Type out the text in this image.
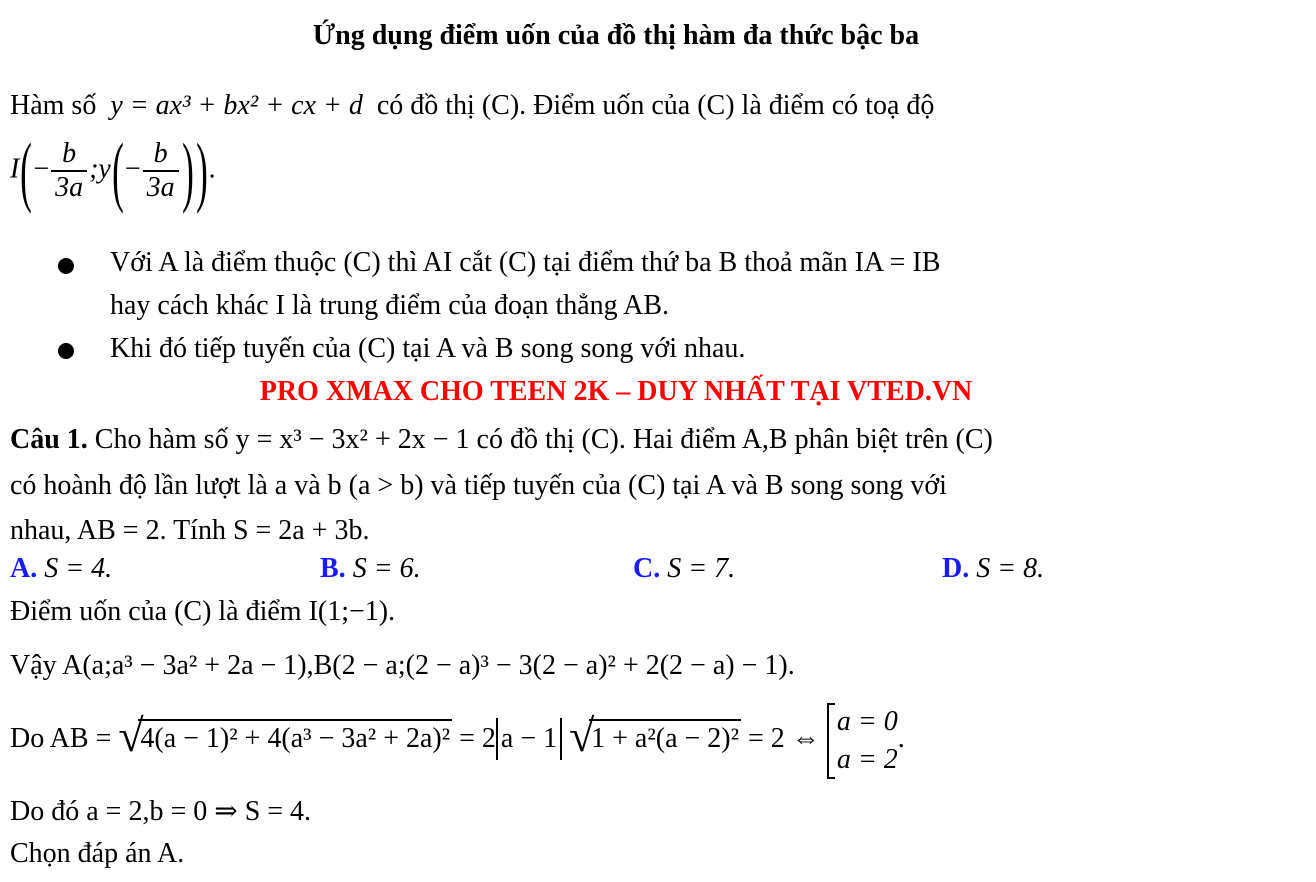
Ứng dụng điểm uốn của đồ thị hàm đa thức bậc ba
Hàm số y = ax³ + bx² + cx + d có đồ thị (C). Điểm uốn của (C) là điểm có toạ độ
$I(- \frac{b}{3a}$ ;y(− $\frac{b}{3a}$ )).
Với A là điểm thuộc (C) thì AI cắt (C) tại điểm thứ ba B thoả mãn IA = IB
hay cách khác I là trung điểm của đoạn thẳng AB.
Khi đó tiếp tuyến của (C) tại A và B song song với nhau.
PRO XMAX CHO TEEN 2K – DUY NHẤT TẠI VTED.VN
Câu 1. Cho hàm số y = x³ − 3x² + 2x − 1 có đồ thị (C). Hai điểm A,B phân biệt trên (C)
có hoành độ lần lượt là a và b (a > b) và tiếp tuyến của (C) tại A và B song song với
nhau, AB = 2. Tính S = 2a + 3b.
A. S = 4.	B. S = 6.	C. S = 7.	D. S = 8.
Điểm uốn của (C) là điểm I(1;−1).
Vậy A(a;a³ − 3a² + 2a − 1),B(2 − a;(2 − a)³ − 3(2 − a)² + 2(2 − a) − 1).
Do AB = √
4(a − 1)² + 4(a³ − 3a² + 2a)² = 2 a − 1 √
1 + a²(a − 2)² = 2 ⇔
a = 0
a = 2
.
Do đó a = 2,b = 0 ⇒ S = 4.
Chọn đáp án A.
